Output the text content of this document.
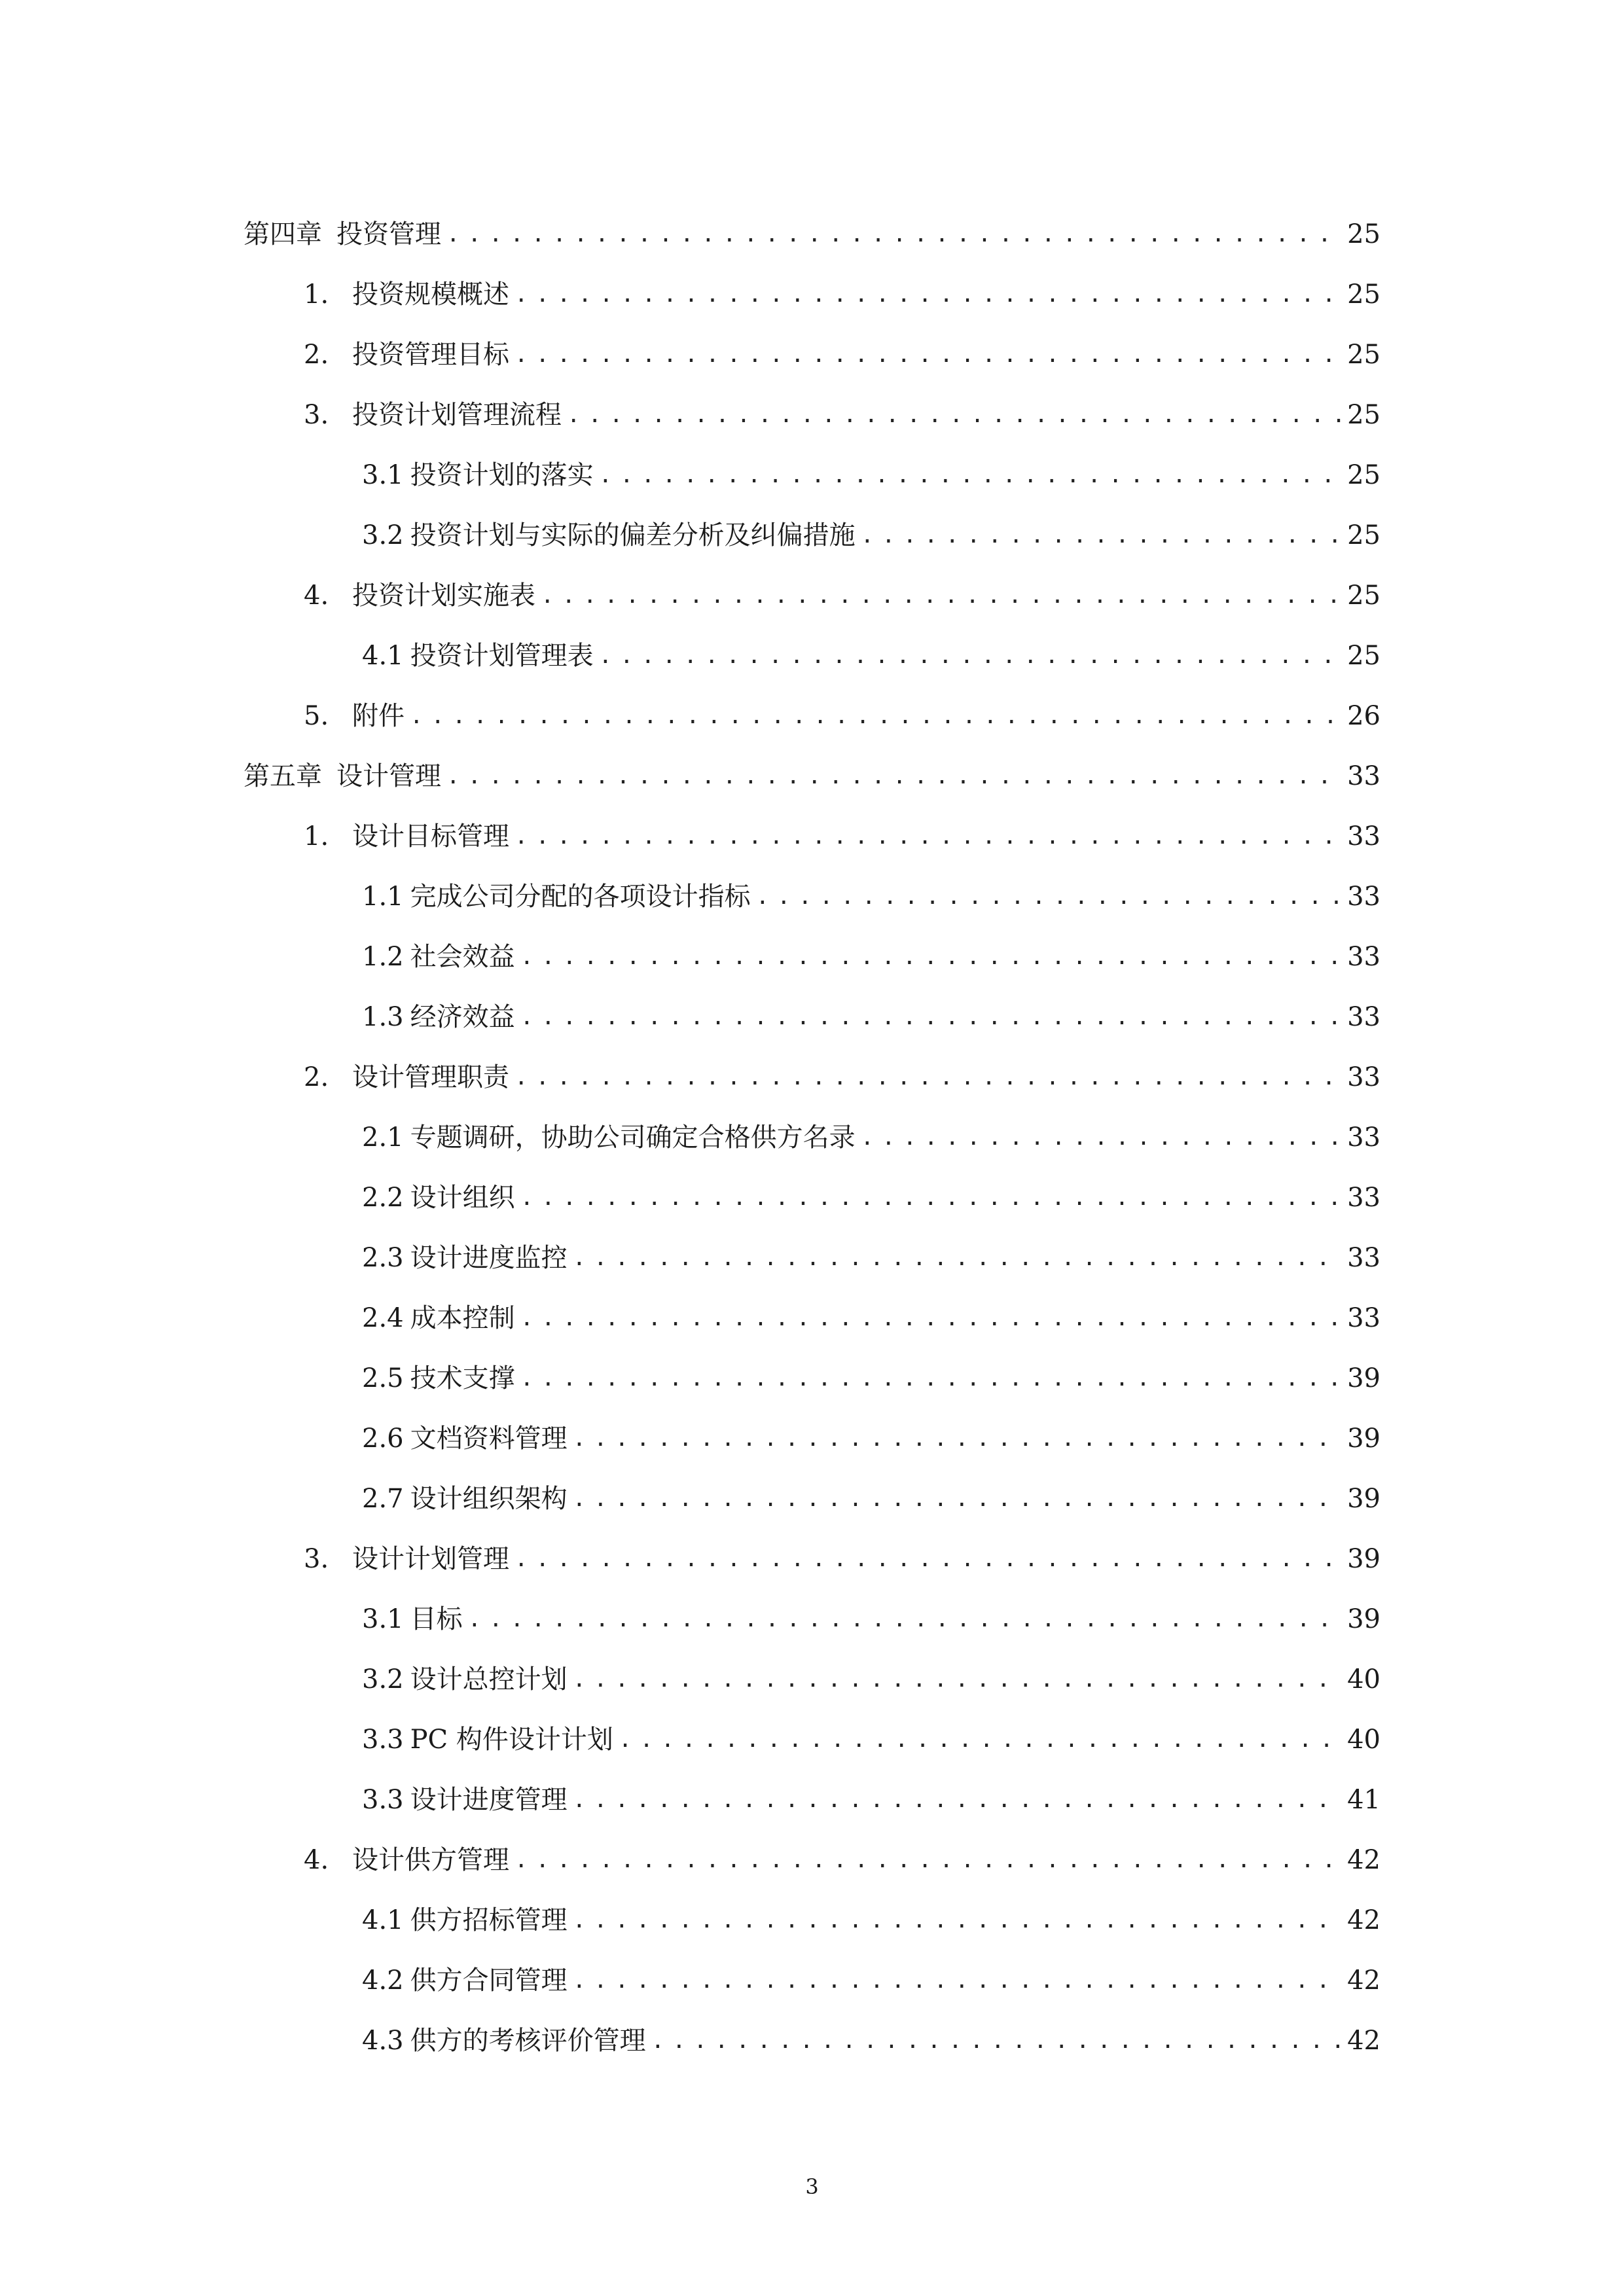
第四章 投资管理 .....	25
1. 投资规模概述 .....	25
2. 投资管理目标 .....	25
3. 投资计划管理流程 .....	25
3.1 投资计划的落实 .....	25
3.2 投资计划与实际的偏差分析及纠偏措施 .....	25
4. 投资计划实施表 .....	25
4.1 投资计划管理表 .....	25
5. 附件 .....	26
第五章 设计管理 .....	33
1. 设计目标管理 .....	33
1.1 完成公司分配的各项设计指标 .....	33
1.2 社会效益 .....	33
1.3 经济效益 .....	33
2. 设计管理职责 .....	33
2.1 专题调研，协助公司确定合格供方名录 .....	33
2.2 设计组织 .....	33
2.3 设计进度监控 .....	33
2.4 成本控制 .....	33
2.5 技术支撑 .....	39
2.6 文档资料管理 .....	39
2.7 设计组织架构 .....	39
3. 设计计划管理 .....	39
3.1 目标 .....	39
3.2 设计总控计划 .....	40
3.3 PC 构件设计计划 .....	40
3.3 设计进度管理 .....	41
4. 设计供方管理 .....	42
4.1 供方招标管理 .....	42
4.2 供方合同管理 .....	42
4.3 供方的考核评价管理 .....	42
3
